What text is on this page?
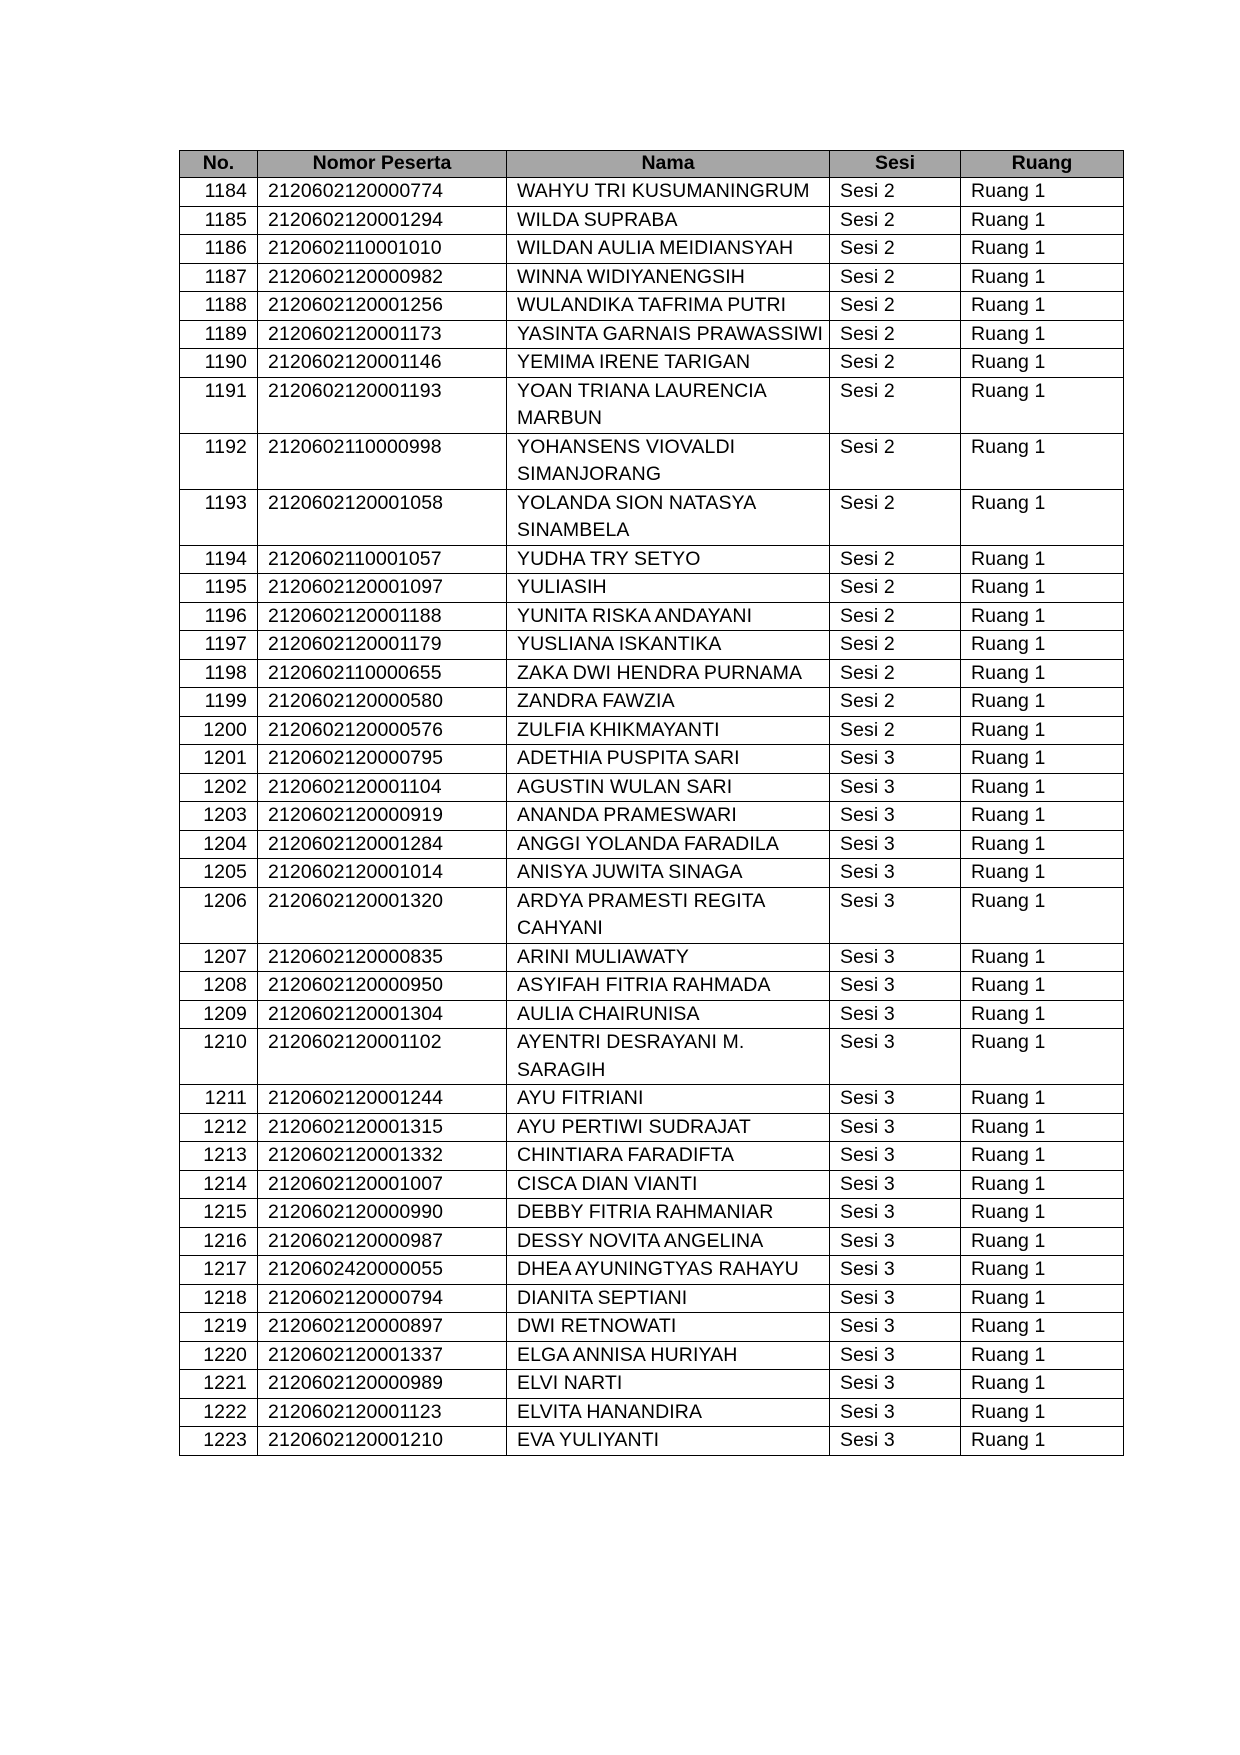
No.	Nomor Peserta	Nama	Sesi	Ruang
1184	2120602120000774	WAHYU TRI KUSUMANINGRUM	Sesi 2	Ruang 1
1185	2120602120001294	WILDA SUPRABA	Sesi 2	Ruang 1
1186	2120602110001010	WILDAN AULIA MEIDIANSYAH	Sesi 2	Ruang 1
1187	2120602120000982	WINNA WIDIYANENGSIH	Sesi 2	Ruang 1
1188	2120602120001256	WULANDIKA TAFRIMA PUTRI	Sesi 2	Ruang 1
1189	2120602120001173	YASINTA GARNAIS PRAWASSIWI	Sesi 2	Ruang 1
1190	2120602120001146	YEMIMA IRENE TARIGAN	Sesi 2	Ruang 1
1191	2120602120001193	YOAN TRIANA LAURENCIA MARBUN	Sesi 2	Ruang 1
1192	2120602110000998	YOHANSENS VIOVALDI SIMANJORANG	Sesi 2	Ruang 1
1193	2120602120001058	YOLANDA SION NATASYA SINAMBELA	Sesi 2	Ruang 1
1194	2120602110001057	YUDHA TRY SETYO	Sesi 2	Ruang 1
1195	2120602120001097	YULIASIH	Sesi 2	Ruang 1
1196	2120602120001188	YUNITA RISKA ANDAYANI	Sesi 2	Ruang 1
1197	2120602120001179	YUSLIANA ISKANTIKA	Sesi 2	Ruang 1
1198	2120602110000655	ZAKA DWI HENDRA PURNAMA	Sesi 2	Ruang 1
1199	2120602120000580	ZANDRA FAWZIA	Sesi 2	Ruang 1
1200	2120602120000576	ZULFIA KHIKMAYANTI	Sesi 2	Ruang 1
1201	2120602120000795	ADETHIA PUSPITA SARI	Sesi 3	Ruang 1
1202	2120602120001104	AGUSTIN WULAN SARI	Sesi 3	Ruang 1
1203	2120602120000919	ANANDA PRAMESWARI	Sesi 3	Ruang 1
1204	2120602120001284	ANGGI YOLANDA FARADILA	Sesi 3	Ruang 1
1205	2120602120001014	ANISYA JUWITA SINAGA	Sesi 3	Ruang 1
1206	2120602120001320	ARDYA PRAMESTI REGITA CAHYANI	Sesi 3	Ruang 1
1207	2120602120000835	ARINI MULIAWATY	Sesi 3	Ruang 1
1208	2120602120000950	ASYIFAH FITRIA RAHMADA	Sesi 3	Ruang 1
1209	2120602120001304	AULIA CHAIRUNISA	Sesi 3	Ruang 1
1210	2120602120001102	AYENTRI DESRAYANI M. SARAGIH	Sesi 3	Ruang 1
1211	2120602120001244	AYU FITRIANI	Sesi 3	Ruang 1
1212	2120602120001315	AYU PERTIWI SUDRAJAT	Sesi 3	Ruang 1
1213	2120602120001332	CHINTIARA FARADIFTA	Sesi 3	Ruang 1
1214	2120602120001007	CISCA DIAN VIANTI	Sesi 3	Ruang 1
1215	2120602120000990	DEBBY FITRIA RAHMANIAR	Sesi 3	Ruang 1
1216	2120602120000987	DESSY NOVITA ANGELINA	Sesi 3	Ruang 1
1217	2120602420000055	DHEA AYUNINGTYAS RAHAYU	Sesi 3	Ruang 1
1218	2120602120000794	DIANITA SEPTIANI	Sesi 3	Ruang 1
1219	2120602120000897	DWI RETNOWATI	Sesi 3	Ruang 1
1220	2120602120001337	ELGA ANNISA HURIYAH	Sesi 3	Ruang 1
1221	2120602120000989	ELVI NARTI	Sesi 3	Ruang 1
1222	2120602120001123	ELVITA HANANDIRA	Sesi 3	Ruang 1
1223	2120602120001210	EVA YULIYANTI	Sesi 3	Ruang 1
